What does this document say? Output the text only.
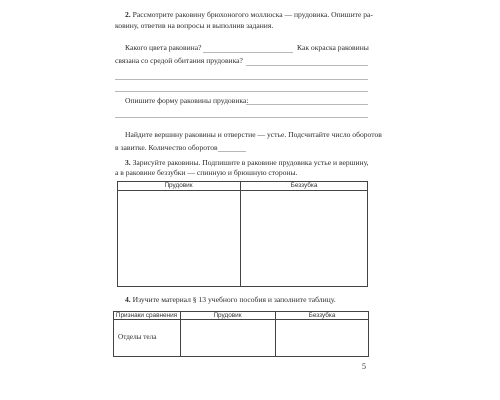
2. Рассмотрите раковину брюхоногого моллюска — прудовика. Опишите ра-
ковину, ответив на вопросы и выполнив задания.
Какого цвета раковина?	Как окраска раковины
связана со средой обитания прудовика?
Опишите форму раковины прудовика:
Найдите вершину раковины и отверстие — устье. Подсчитайте число оборотов
в завитке. Количество оборотов
3. Зарисуйте раковины. Подпишите в раковине прудовика устье и вершину,
а в раковине беззубки — спинную и брюшную стороны.
Прудовик	Беззубка
4. Изучите материал § 13 учебного пособия и заполните таблицу.
Признаки сравнения	Прудовик	Беззубка
Отделы тела
5
